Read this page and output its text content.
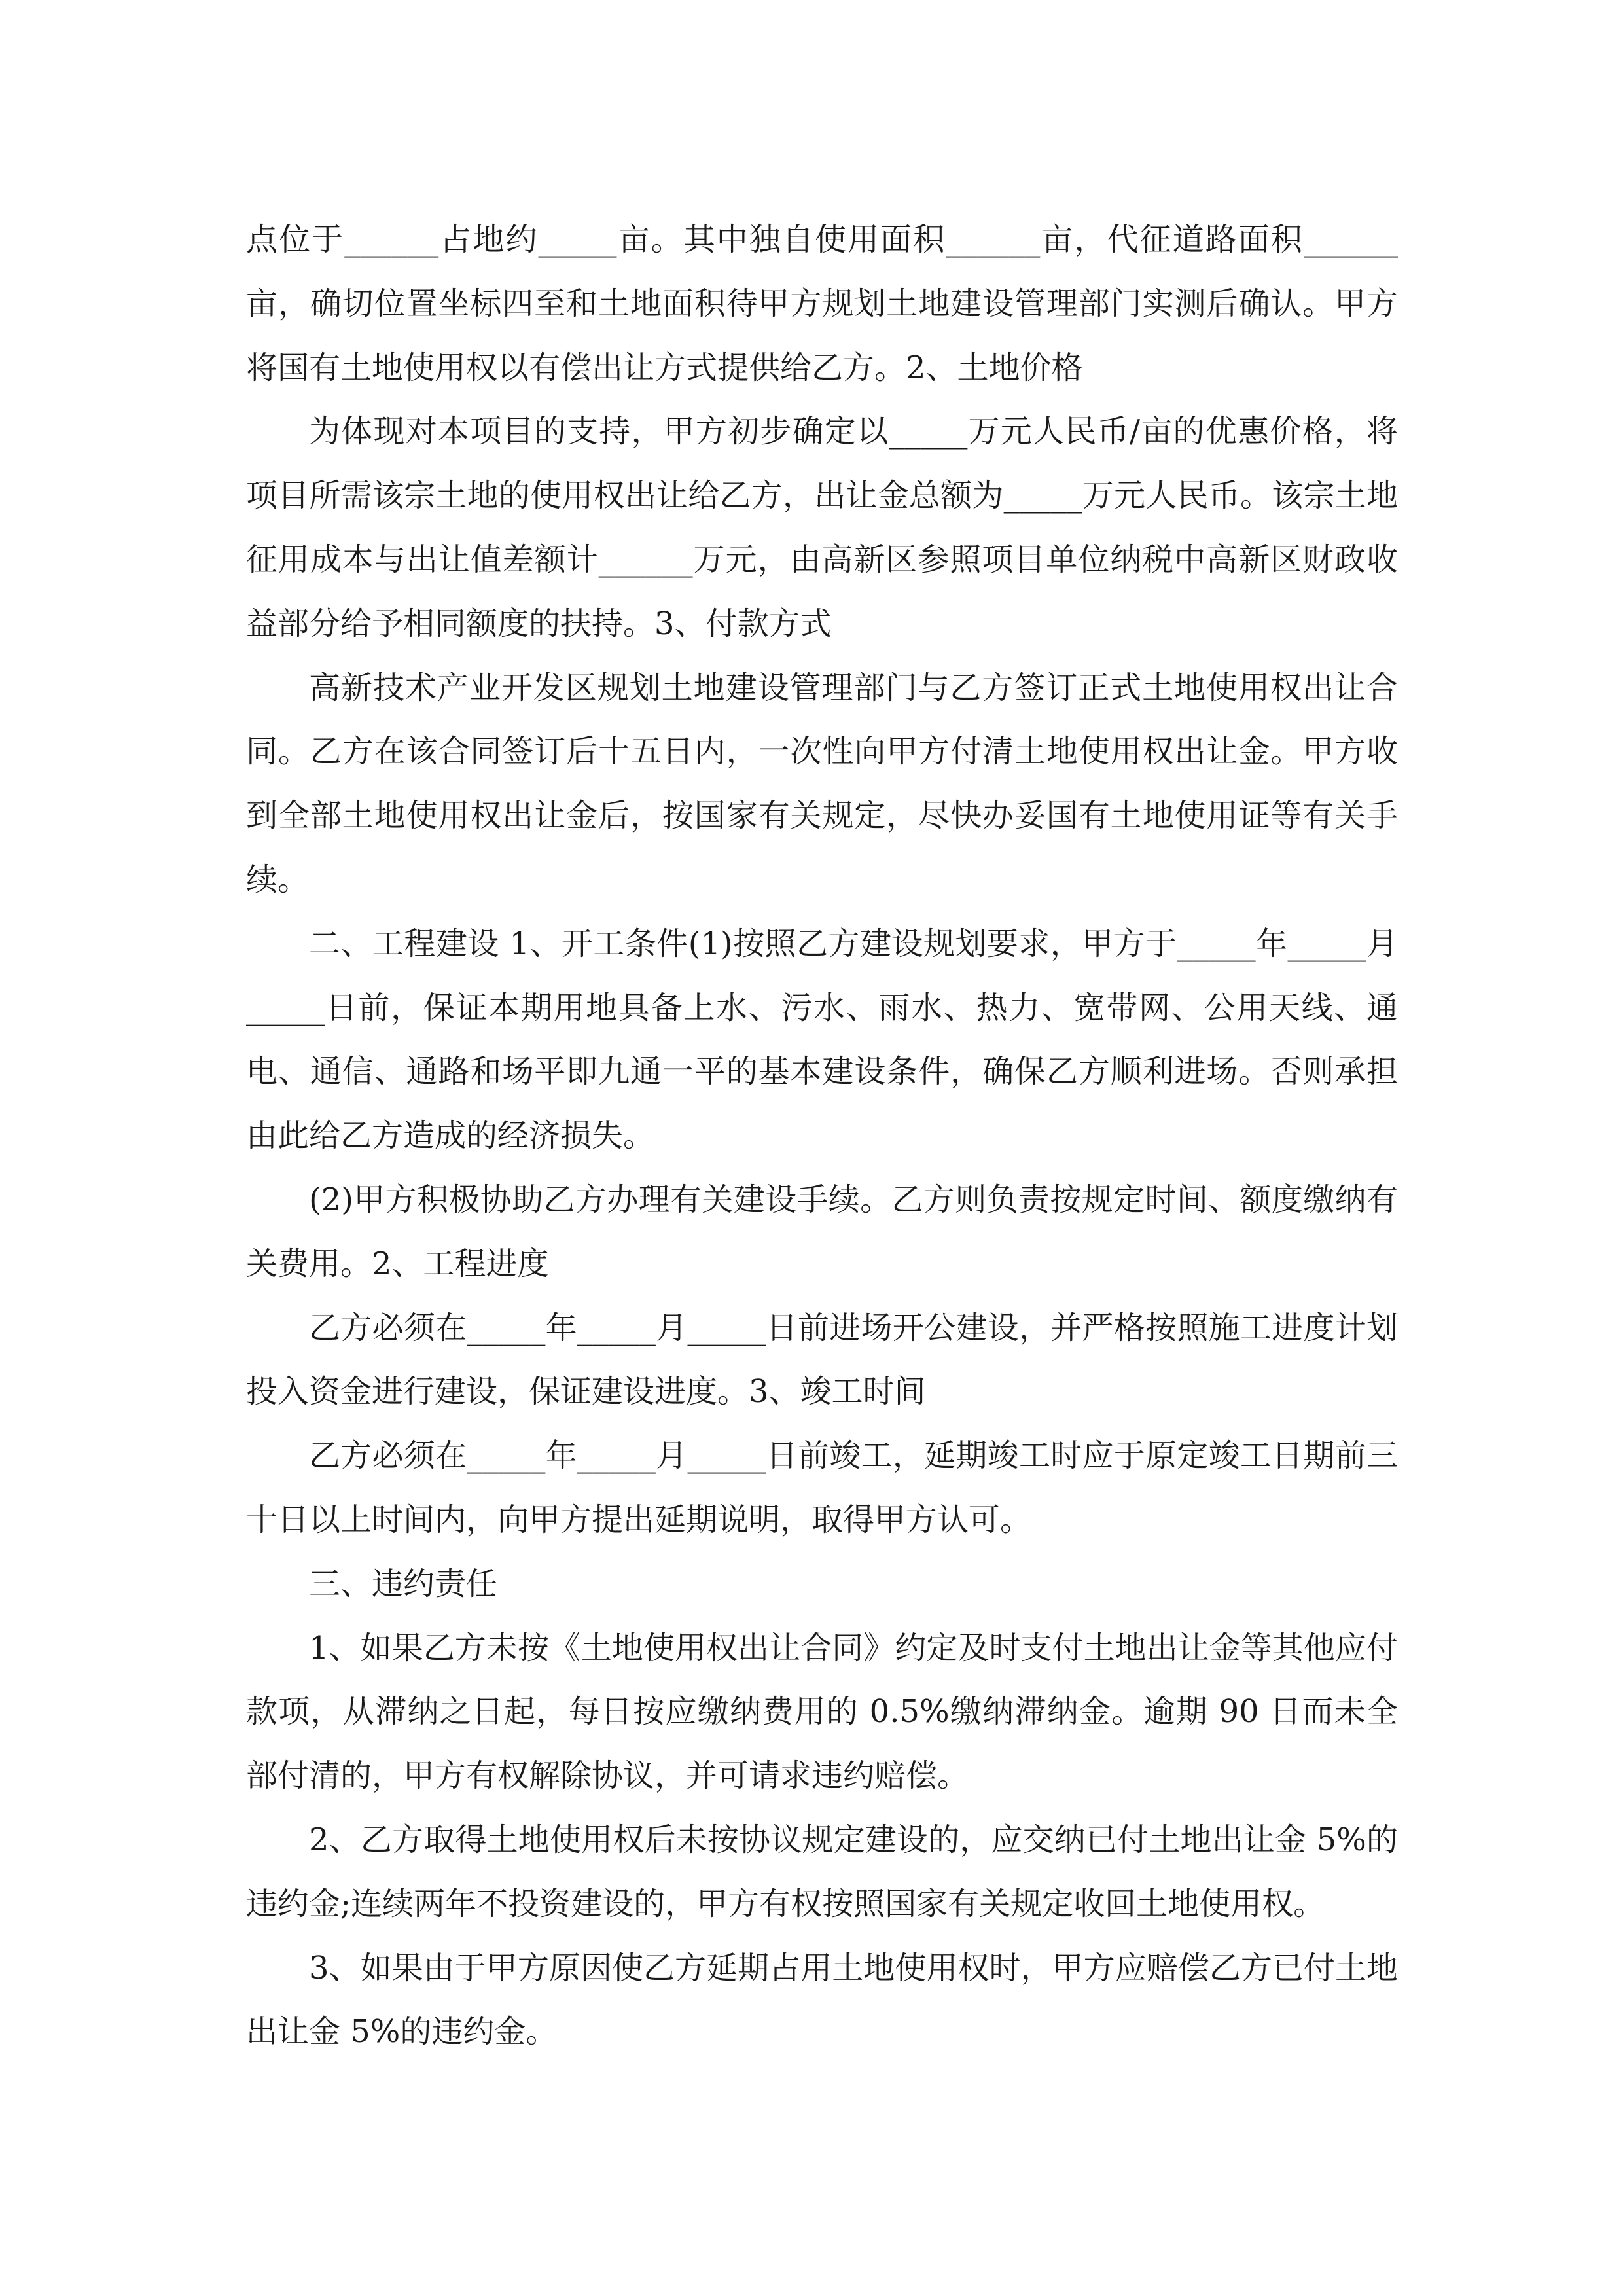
点位于______占地约_____亩。其中独自使用面积______亩，代征道路面积______亩，确切位置坐标四至和土地面积待甲方规划土地建设管理部门实测后确认。甲方将国有土地使用权以有偿出让方式提供给乙方。2、土地价格

为体现对本项目的支持，甲方初步确定以_____万元人民币/亩的优惠价格，将项目所需该宗土地的使用权出让给乙方，出让金总额为_____万元人民币。该宗土地征用成本与出让值差额计______万元，由高新区参照项目单位纳税中高新区财政收益部分给予相同额度的扶持。3、付款方式

高新技术产业开发区规划土地建设管理部门与乙方签订正式土地使用权出让合同。乙方在该合同签订后十五日内，一次性向甲方付清土地使用权出让金。甲方收到全部土地使用权出让金后，按国家有关规定，尽快办妥国有土地使用证等有关手续。

二、工程建设 1、开工条件(1)按照乙方建设规划要求，甲方于_____年_____月_____日前，保证本期用地具备上水、污水、雨水、热力、宽带网、公用天线、通电、通信、通路和场平即九通一平的基本建设条件，确保乙方顺利进场。否则承担由此给乙方造成的经济损失。

(2)甲方积极协助乙方办理有关建设手续。乙方则负责按规定时间、额度缴纳有关费用。2、工程进度

乙方必须在_____年_____月_____日前进场开公建设，并严格按照施工进度计划投入资金进行建设，保证建设进度。3、竣工时间

乙方必须在_____年_____月_____日前竣工，延期竣工时应于原定竣工日期前三十日以上时间内，向甲方提出延期说明，取得甲方认可。

三、违约责任

1、如果乙方未按《土地使用权出让合同》约定及时支付土地出让金等其他应付款项，从滞纳之日起，每日按应缴纳费用的 0.5%缴纳滞纳金。逾期 90 日而未全部付清的，甲方有权解除协议，并可请求违约赔偿。

2、乙方取得土地使用权后未按协议规定建设的，应交纳已付土地出让金 5%的违约金;连续两年不投资建设的，甲方有权按照国家有关规定收回土地使用权。

3、如果由于甲方原因使乙方延期占用土地使用权时，甲方应赔偿乙方已付土地出让金 5%的违约金。
